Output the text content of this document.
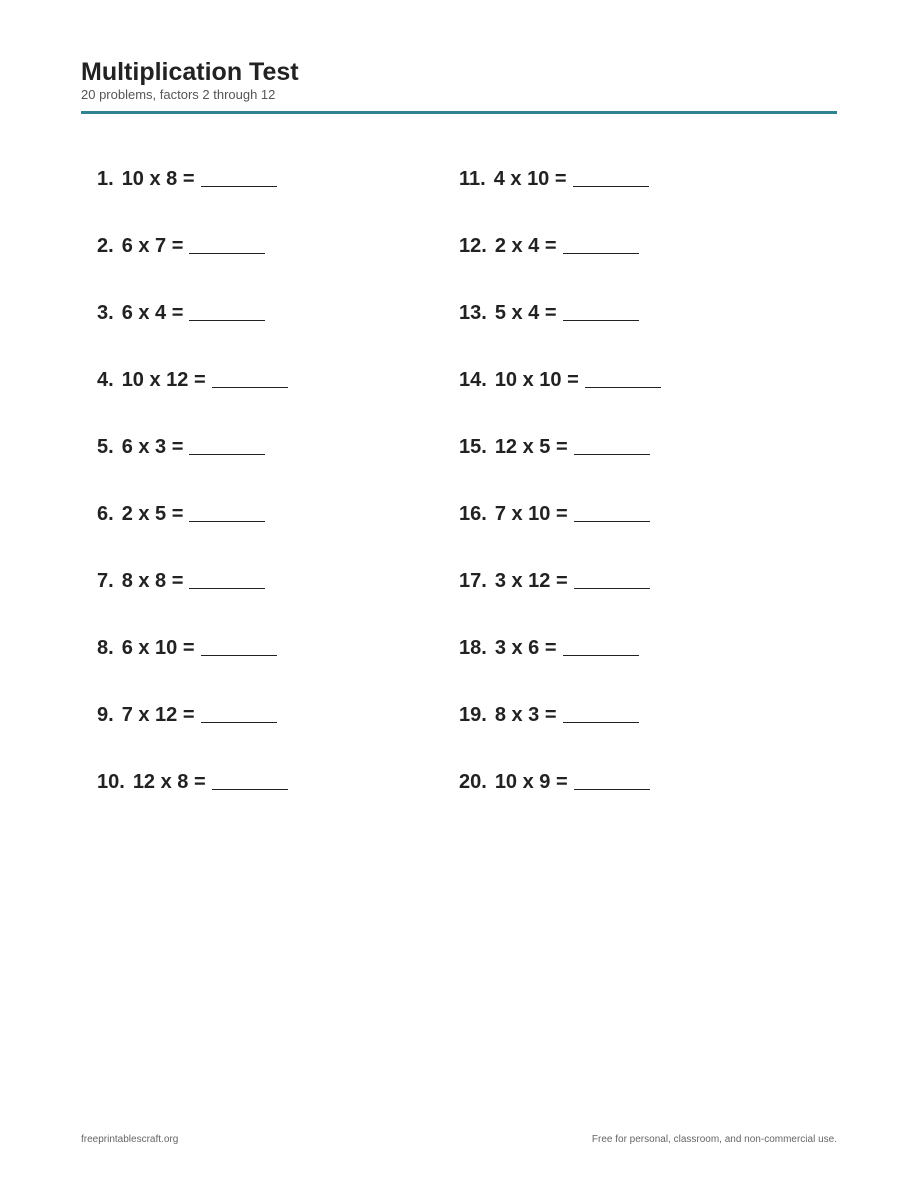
Multiplication Test
20 problems, factors 2 through 12
1. 10 x 8 =
2. 6 x 7 =
3. 6 x 4 =
4. 10 x 12 =
5. 6 x 3 =
6. 2 x 5 =
7. 8 x 8 =
8. 6 x 10 =
9. 7 x 12 =
10. 12 x 8 =
11. 4 x 10 =
12. 2 x 4 =
13. 5 x 4 =
14. 10 x 10 =
15. 12 x 5 =
16. 7 x 10 =
17. 3 x 12 =
18. 3 x 6 =
19. 8 x 3 =
20. 10 x 9 =
freeprintablescraft.org	Free for personal, classroom, and non-commercial use.
